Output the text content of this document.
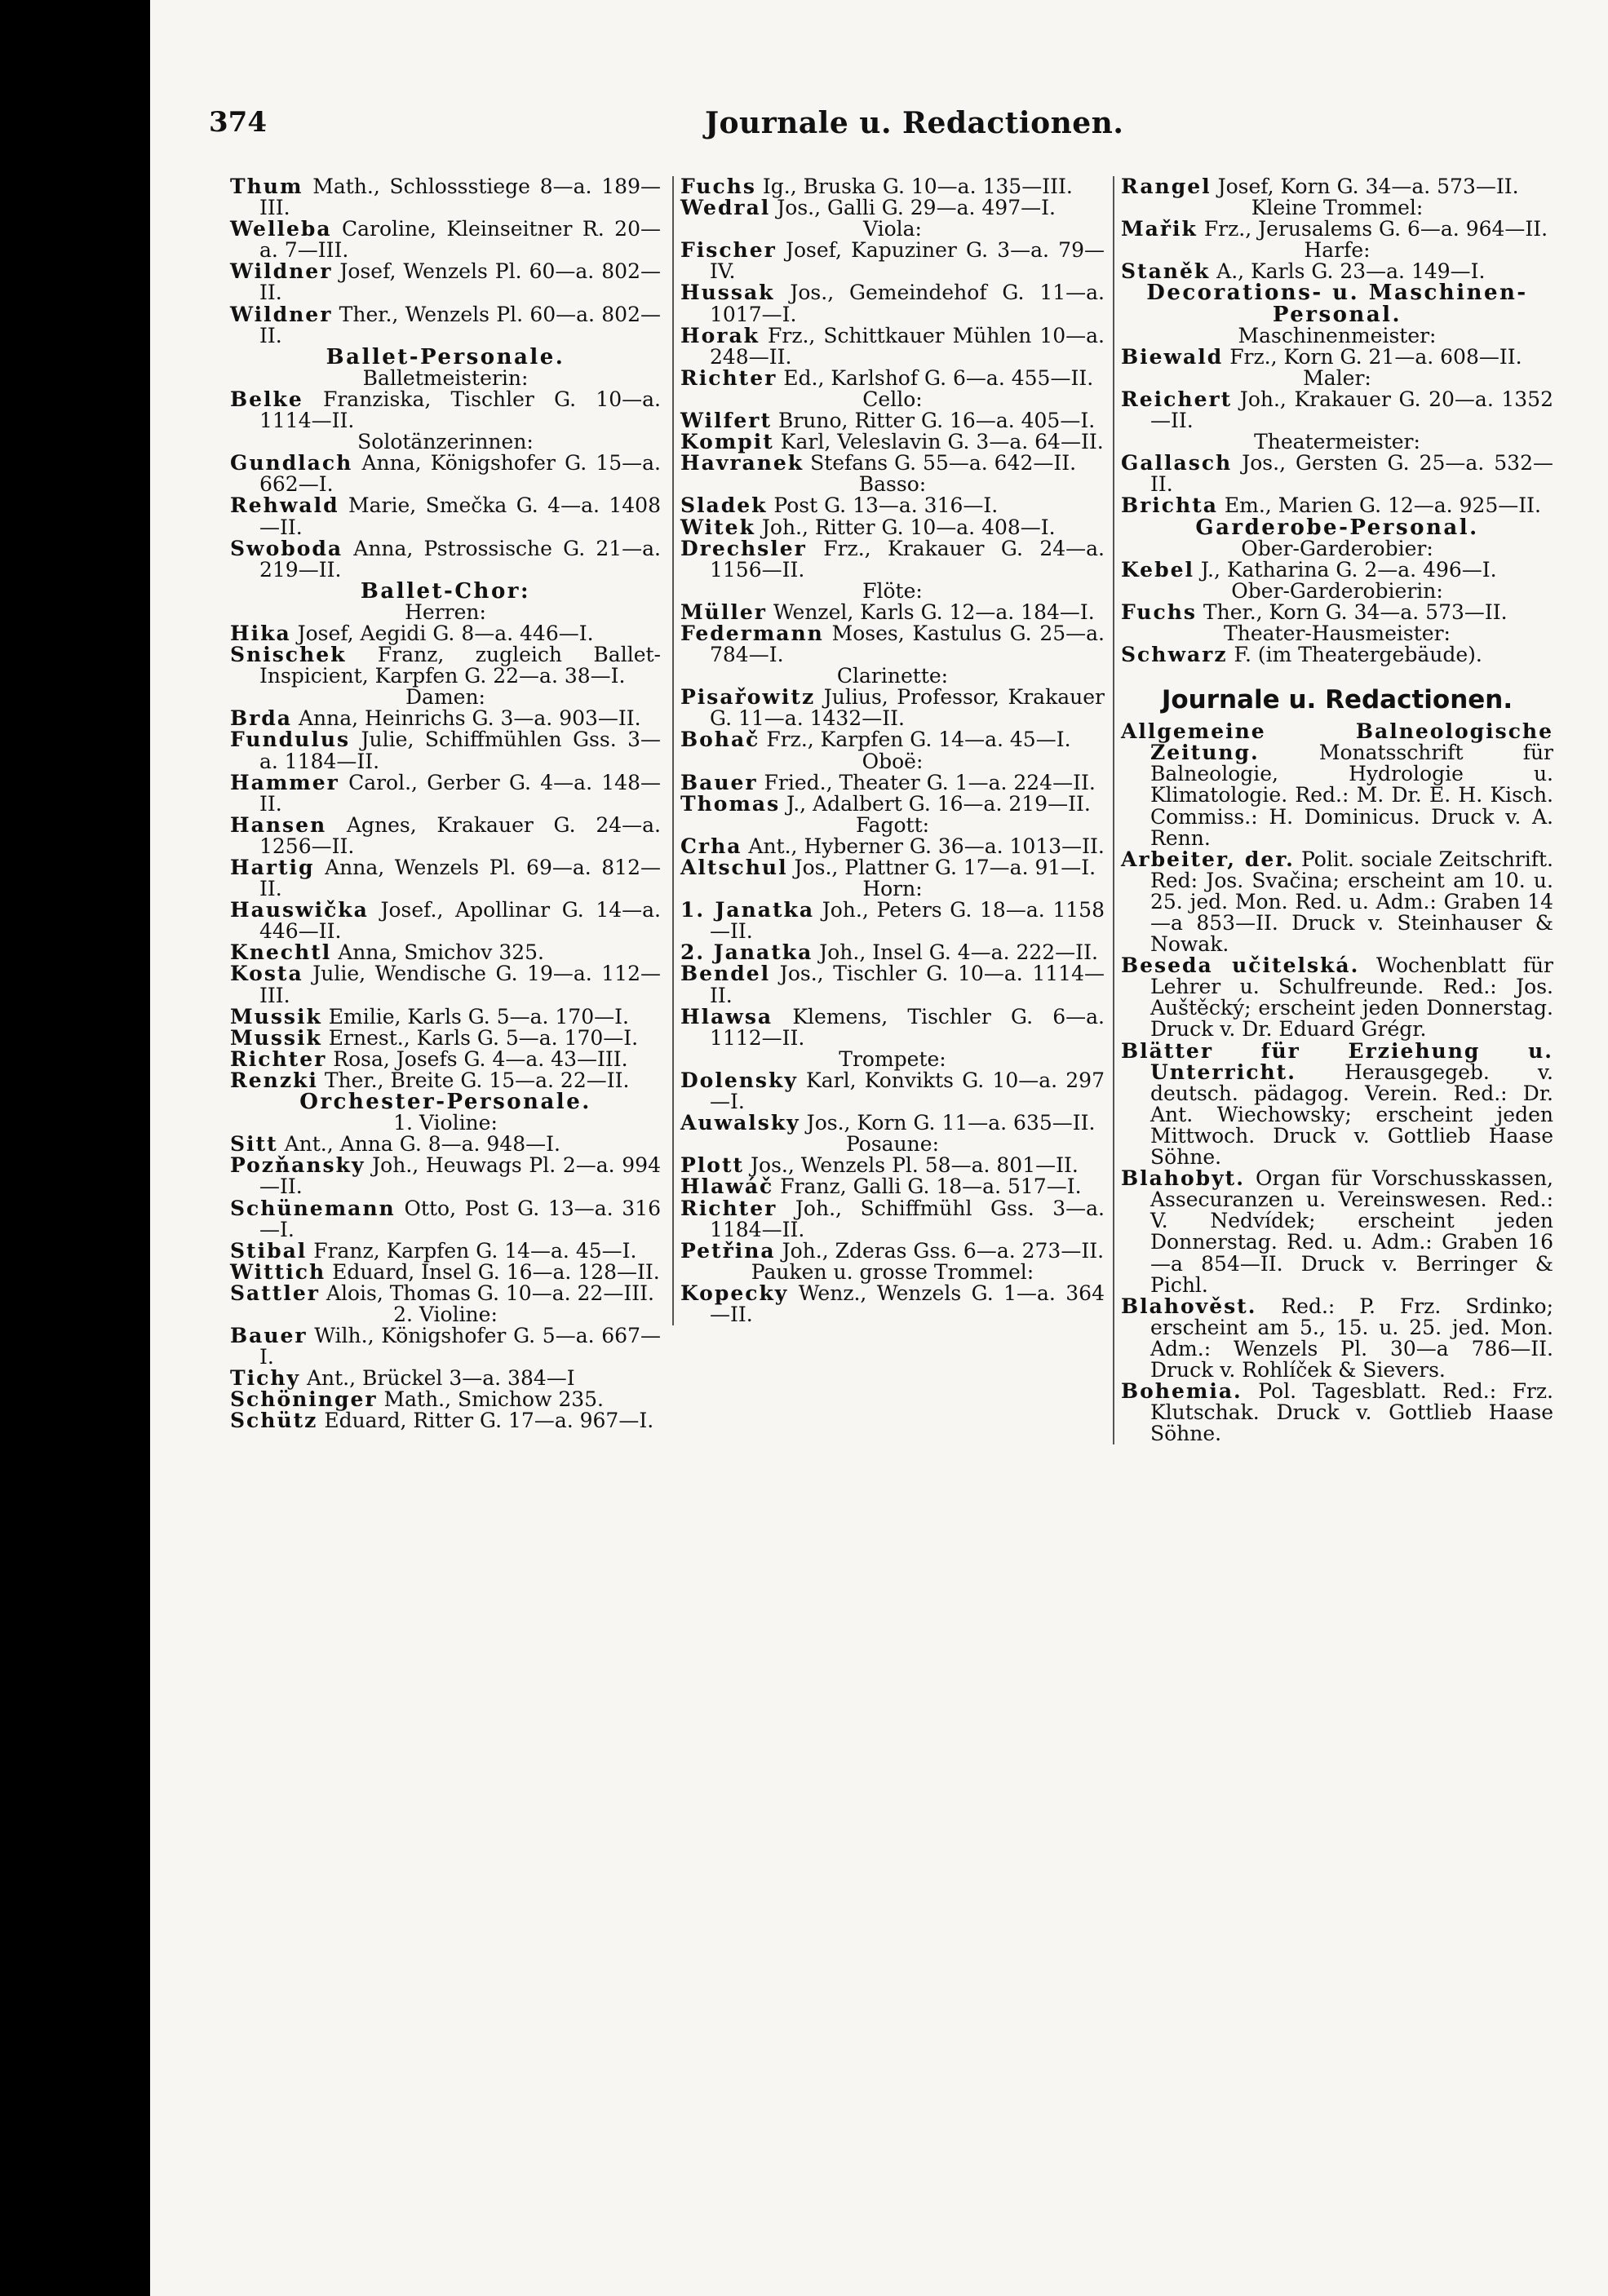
374	Journale u. Redactionen.
Thum Math., Schlossstiege 8—a. 189—III.
Welleba Caroline, Kleinseitner R. 20—a. 7—III.
Wildner Josef, Wenzels Pl. 60—a. 802—II.
Wildner Ther., Wenzels Pl. 60—a. 802—II.
Ballet-Personale.
Balletmeisterin:
Belke Franziska, Tischler G. 10—a. 1114—II.
Solotänzerinnen:
Gundlach Anna, Königshofer G. 15—a. 662—I.
Rehwald Marie, Smečka G. 4—a. 1408—II.
Swoboda Anna, Pstrossische G. 21—a. 219—II.
Ballet-Chor:
Herren:
Hika Josef, Aegidi G. 8—a. 446—I.
Snischek Franz, zugleich Ballet-Inspicient, Karpfen G. 22—a. 38—I.
Damen:
Brda Anna, Heinrichs G. 3—a. 903—II.
Fundulus Julie, Schiffmühlen Gss. 3—a. 1184—II.
Hammer Carol., Gerber G. 4—a. 148—II.
Hansen Agnes, Krakauer G. 24—a. 1256—II.
Hartig Anna, Wenzels Pl. 69—a. 812—II.
Hauswička Josef., Apollinar G. 14—a. 446—II.
Knechtl Anna, Smichov 325.
Kosta Julie, Wendische G. 19—a. 112—III.
Mussik Emilie, Karls G. 5—a. 170—I.
Mussik Ernest., Karls G. 5—a. 170—I.
Richter Rosa, Josefs G. 4—a. 43—III.
Renzki Ther., Breite G. 15—a. 22—II.
Orchester-Personale.
1. Violine:
Sitt Ant., Anna G. 8—a. 948—I.
Pozňansky Joh., Heuwags Pl. 2—a. 994—II.
Schünemann Otto, Post G. 13—a. 316—I.
Stibal Franz, Karpfen G. 14—a. 45—I.
Wittich Eduard, Insel G. 16—a. 128—II.
Sattler Alois, Thomas G. 10—a. 22—III.
2. Violine:
Bauer Wilh., Königshofer G. 5—a. 667—I.
Tichy Ant., Brückel 3—a. 384—I
Schöninger Math., Smichow 235.
Schütz Eduard, Ritter G. 17—a. 967—I.
Fuchs Ig., Bruska G. 10—a. 135—III.
Wedral Jos., Galli G. 29—a. 497—I.
Viola:
Fischer Josef, Kapuziner G. 3—a. 79—IV.
Hussak Jos., Gemeindehof G. 11—a. 1017—I.
Horak Frz., Schittkauer Mühlen 10—a. 248—II.
Richter Ed., Karlshof G. 6—a. 455—II.
Cello:
Wilfert Bruno, Ritter G. 16—a. 405—I.
Kompit Karl, Veleslavin G. 3—a. 64—II.
Havranek Stefans G. 55—a. 642—II.
Basso:
Sladek Post G. 13—a. 316—I.
Witek Joh., Ritter G. 10—a. 408—I.
Drechsler Frz., Krakauer G. 24—a. 1156—II.
Flöte:
Müller Wenzel, Karls G. 12—a. 184—I.
Federmann Moses, Kastulus G. 25—a. 784—I.
Clarinette:
Pisařowitz Julius, Professor, Krakauer G. 11—a. 1432—II.
Bohač Frz., Karpfen G. 14—a. 45—I.
Oboë:
Bauer Fried., Theater G. 1—a. 224—II.
Thomas J., Adalbert G. 16—a. 219—II.
Fagott:
Crha Ant., Hyberner G. 36—a. 1013—II.
Altschul Jos., Plattner G. 17—a. 91—I.
Horn:
1. Janatka Joh., Peters G. 18—a. 1158—II.
2. Janatka Joh., Insel G. 4—a. 222—II.
Bendel Jos., Tischler G. 10—a. 1114—II.
Hlawsa Klemens, Tischler G. 6—a. 1112—II.
Trompete:
Dolensky Karl, Konvikts G. 10—a. 297—I.
Auwalsky Jos., Korn G. 11—a. 635—II.
Posaune:
Plott Jos., Wenzels Pl. 58—a. 801—II.
Hlawáč Franz, Galli G. 18—a. 517—I.
Richter Joh., Schiffmühl Gss. 3—a. 1184—II.
Petřina Joh., Zderas Gss. 6—a. 273—II.
Pauken u. grosse Trommel:
Kopecky Wenz., Wenzels G. 1—a. 364—II.
Rangel Josef, Korn G. 34—a. 573—II.
Kleine Trommel:
Mařik Frz., Jerusalems G. 6—a. 964—II.
Harfe:
Staněk A., Karls G. 23—a. 149—I.
Decorations- u. Maschinen-Personal.
Maschinenmeister:
Biewald Frz., Korn G. 21—a. 608—II.
Maler:
Reichert Joh., Krakauer G. 20—a. 1352—II.
Theatermeister:
Gallasch Jos., Gersten G. 25—a. 532—II.
Brichta Em., Marien G. 12—a. 925—II.
Garderobe-Personal.
Ober-Garderobier:
Kebel J., Katharina G. 2—a. 496—I.
Ober-Garderobierin:
Fuchs Ther., Korn G. 34—a. 573—II.
Theater-Hausmeister:
Schwarz F. (im Theatergebäude).
Journale u. Redactionen.
Allgemeine Balneologische Zeitung.	Monatsschrift für Balneologie, Hydrologie u. Klimatologie. Red.: M. Dr. E. H. Kisch. Commiss.: H. Dominicus. Druck v. A. Renn.
Arbeiter, der. Polit. sociale Zeitschrift. Red: Jos. Svačina; erscheint am 10. u. 25. jed. Mon. Red. u. Adm.: Graben 14—a 853—II. Druck v. Steinhauser & Nowak.
Beseda učitelská. Wochenblatt für Lehrer u. Schulfreunde. Red.: Jos. Auštěcký; erscheint jeden Donnerstag. Druck v. Dr. Eduard Grégr.
Blätter für Erziehung u. Unterricht. Herausgegeb. v. deutsch. pädagog. Verein. Red.: Dr. Ant. Wiechowsky; erscheint jeden Mittwoch. Druck v. Gottlieb Haase Söhne.
Blahobyt. Organ für Vorschusskassen, Assecuranzen u. Vereinswesen. Red.: V. Nedvídek; erscheint jeden Donnerstag. Red. u. Adm.: Graben 16—a 854—II. Druck v. Berringer & Pichl.
Blahověst. Red.: P. Frz. Srdinko; erscheint am 5., 15. u. 25. jed. Mon. Adm.: Wenzels Pl. 30—a 786—II. Druck v. Rohlíček & Sievers.
Bohemia. Pol. Tagesblatt. Red.: Frz. Klutschak. Druck v. Gottlieb Haase Söhne.
